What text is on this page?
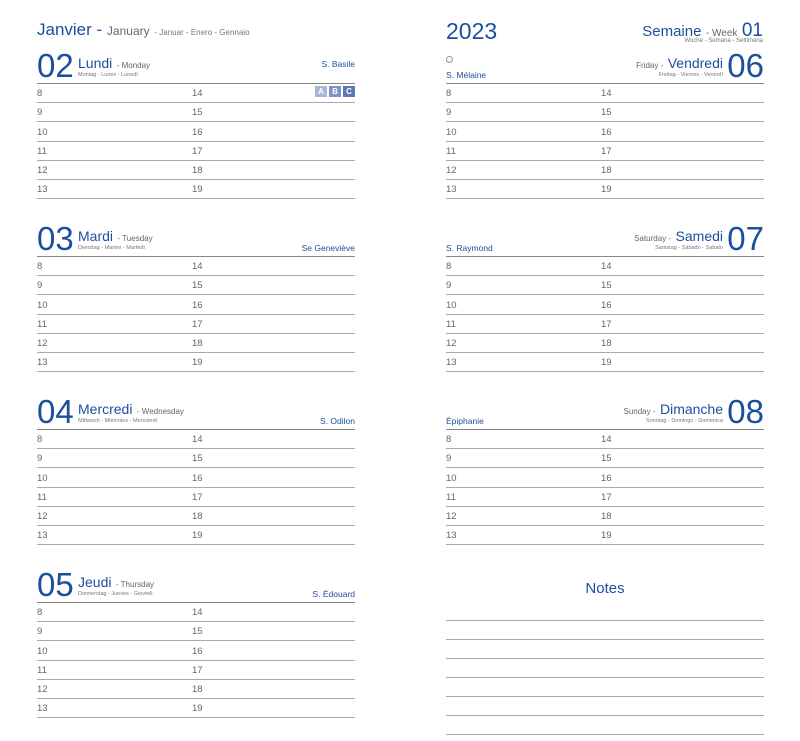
Janvier - January - Januar - Enero - Gennaio	2023	Semaine - Week 01
Woche - Semana - Settimana
02 Lundi - Monday
Montag - Lunes - Lunedì
S. Basile
A	B	C
8	14
9	15
10	16
11	17
12	18
13	19
03 Mardi - Tuesday
Dienstag - Martes - Martedì	Se Geneviève
8	14
9	15
10	16
11	17
12	18
13	19
04 Mercredi - Wednesday
Mittwoch - Miércoles - Mercoledì	S. Odilon
8	14
9	15
10	16
11	17
12	18
13	19
05 Jeudi - Thursday
Donnerstag - Jueves - Giovedì	S. Édouard
8	14
9	15
10	16
11	17
12	18
13	19
06
Friday - Vendredi
Freitag - Viernes - Venerdì
S. Mélaine
8	14
9	15
10	16
11	17
12	18
13	19
07
Saturday - Samedi
Samstag - Sábado - Sabato
S. Raymond
8	14
9	15
10	16
11	17
12	18
13	19
08
Sunday - Dimanche
Sonntag - Domingo - Domenica
Épiphanie
8	14
9	15
10	16
11	17
12	18
13	19
Notes
